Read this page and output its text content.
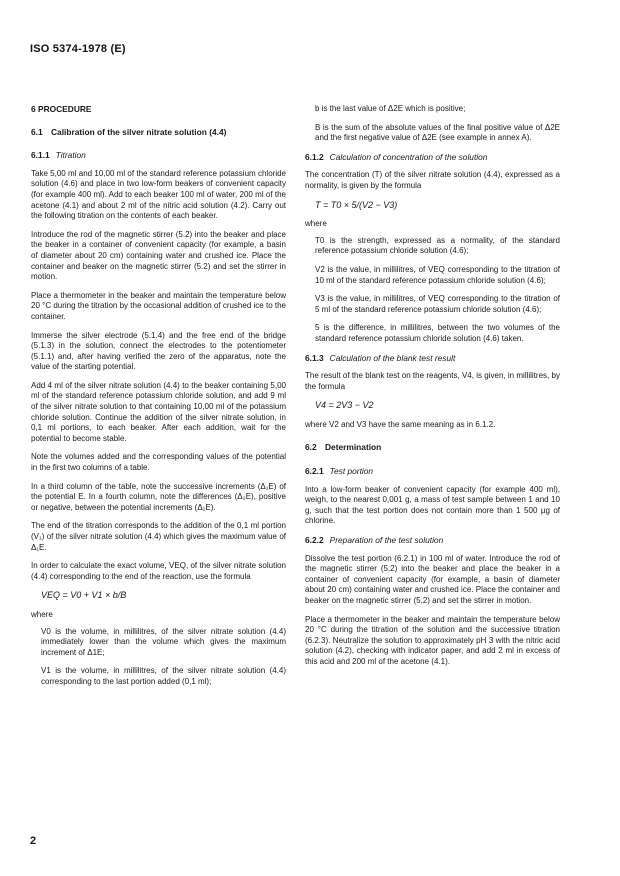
ISO 5374-1978 (E)
6 PROCEDURE
6.1 Calibration of the silver nitrate solution (4.4)
6.1.1 Titration

Take 5,00 ml and 10,00 ml of the standard reference potassium chloride solution (4.6) and place in two low-form beakers of convenient capacity (for example 400 ml). Add to each beaker 100 ml of water, 200 ml of the acetone (4.1) and about 2 ml of the nitric acid solution (4.2). Carry out the following titration on the contents of each beaker.

Introduce the rod of the magnetic stirrer (5.2) into the beaker and place the beaker in a container of convenient capacity (for example, a basin of diameter about 20 cm) containing water and crushed ice. Place the container and beaker on the magnetic stirrer (5.2) and set the stirrer in motion.

Place a thermometer in the beaker and maintain the temperature below 20 °C during the titration by the occasional addition of crushed ice to the container.

Immerse the silver electrode (5.1.4) and the free end of the bridge (5.1.3) in the solution, connect the electrodes to the potentiometer (5.1.1) and, after having verified the zero of the apparatus, note the value of the starting potential.

Add 4 ml of the silver nitrate solution (4.4) to the beaker containing 5,00 ml of the standard reference potassium chloride solution, and add 9 ml of the silver nitrate solution to that containing 10,00 ml of the potassium chloride solution. Continue the addition of the silver nitrate solution, in 0,1 ml portions, to each beaker. After each addition, wait for the potential to become stable.

Note the volumes added and the corresponding values of the potential in the first two columns of a table.

In a third column of the table, note the successive increments (Δ₁E) of the potential E. In a fourth column, note the differences (Δ₂E), positive or negative, between the potential increments (Δ₁E).

The end of the titration corresponds to the addition of the 0,1 ml portion (V₁) of the silver nitrate solution (4.4) which gives the maximum value of Δ₁E.

In order to calculate the exact volume, VEQ, of the silver nitrate solution (4.4) corresponding to the end of the reaction, use the formula

VEQ = V0 + V1 × b/B

where

V0 is the volume, in millilitres, of the silver nitrate solution (4.4) immediately lower than the volume which gives the maximum increment of Δ1E;

V1 is the volume, in millilitres, of the silver nitrate solution (4.4) corresponding to the last portion added (0,1 ml);

b is the last value of Δ2E which is positive;

B is the sum of the absolute values of the final positive value of Δ2E and the first negative value of Δ2E (see example in annex A).

6.1.2 Calculation of concentration of the solution

The concentration (T) of the silver nitrate solution (4.4), expressed as a normality, is given by the formula

T = T0 × 5/(V2 − V3)

where

T0 is the strength, expressed as a normality, of the standard reference potassium chloride solution (4.6);

V2 is the value, in millilitres, of VEQ corresponding to the titration of 10 ml of the standard reference potassium chloride solution (4.6);

V3 is the value, in millilitres, of VEQ corresponding to the titration of 5 ml of the standard reference potassium chloride solution (4.6);

5 is the difference, in millilitres, between the two volumes of the standard reference potassium chloride solution (4.6) taken.

6.1.3 Calculation of the blank test result

The result of the blank test on the reagents, V4, is given, in millilitres, by the formula

V4 = 2V3 − V2

where V2 and V3 have the same meaning as in 6.1.2.

6.2 Determination
6.2.1 Test portion

Into a low-form beaker of convenient capacity (for example 400 ml), weigh, to the nearest 0,001 g, a mass of test sample between 1 and 10 g, such that the test portion does not contain more than 1 500 µg of chlorine.

6.2.2 Preparation of the test solution

Dissolve the test portion (6.2.1) in 100 ml of water. Introduce the rod of the magnetic stirrer (5.2) into the beaker and place the beaker in a container of convenient capacity (for example, a basin of diameter about 20 cm) containing water and crushed ice. Place the container and beaker on the magnetic stirrer (5.2) and set the stirrer in motion.

Place a thermometer in the beaker and maintain the temperature below 20 °C during the titration of the solution and the successive titration (6.2.3). Neutralize the solution to approximately pH 3 with the nitric acid solution (4.2), checking with indicator paper, and add 2 ml in excess of this acid and 200 ml of the acetone (4.1).

2
